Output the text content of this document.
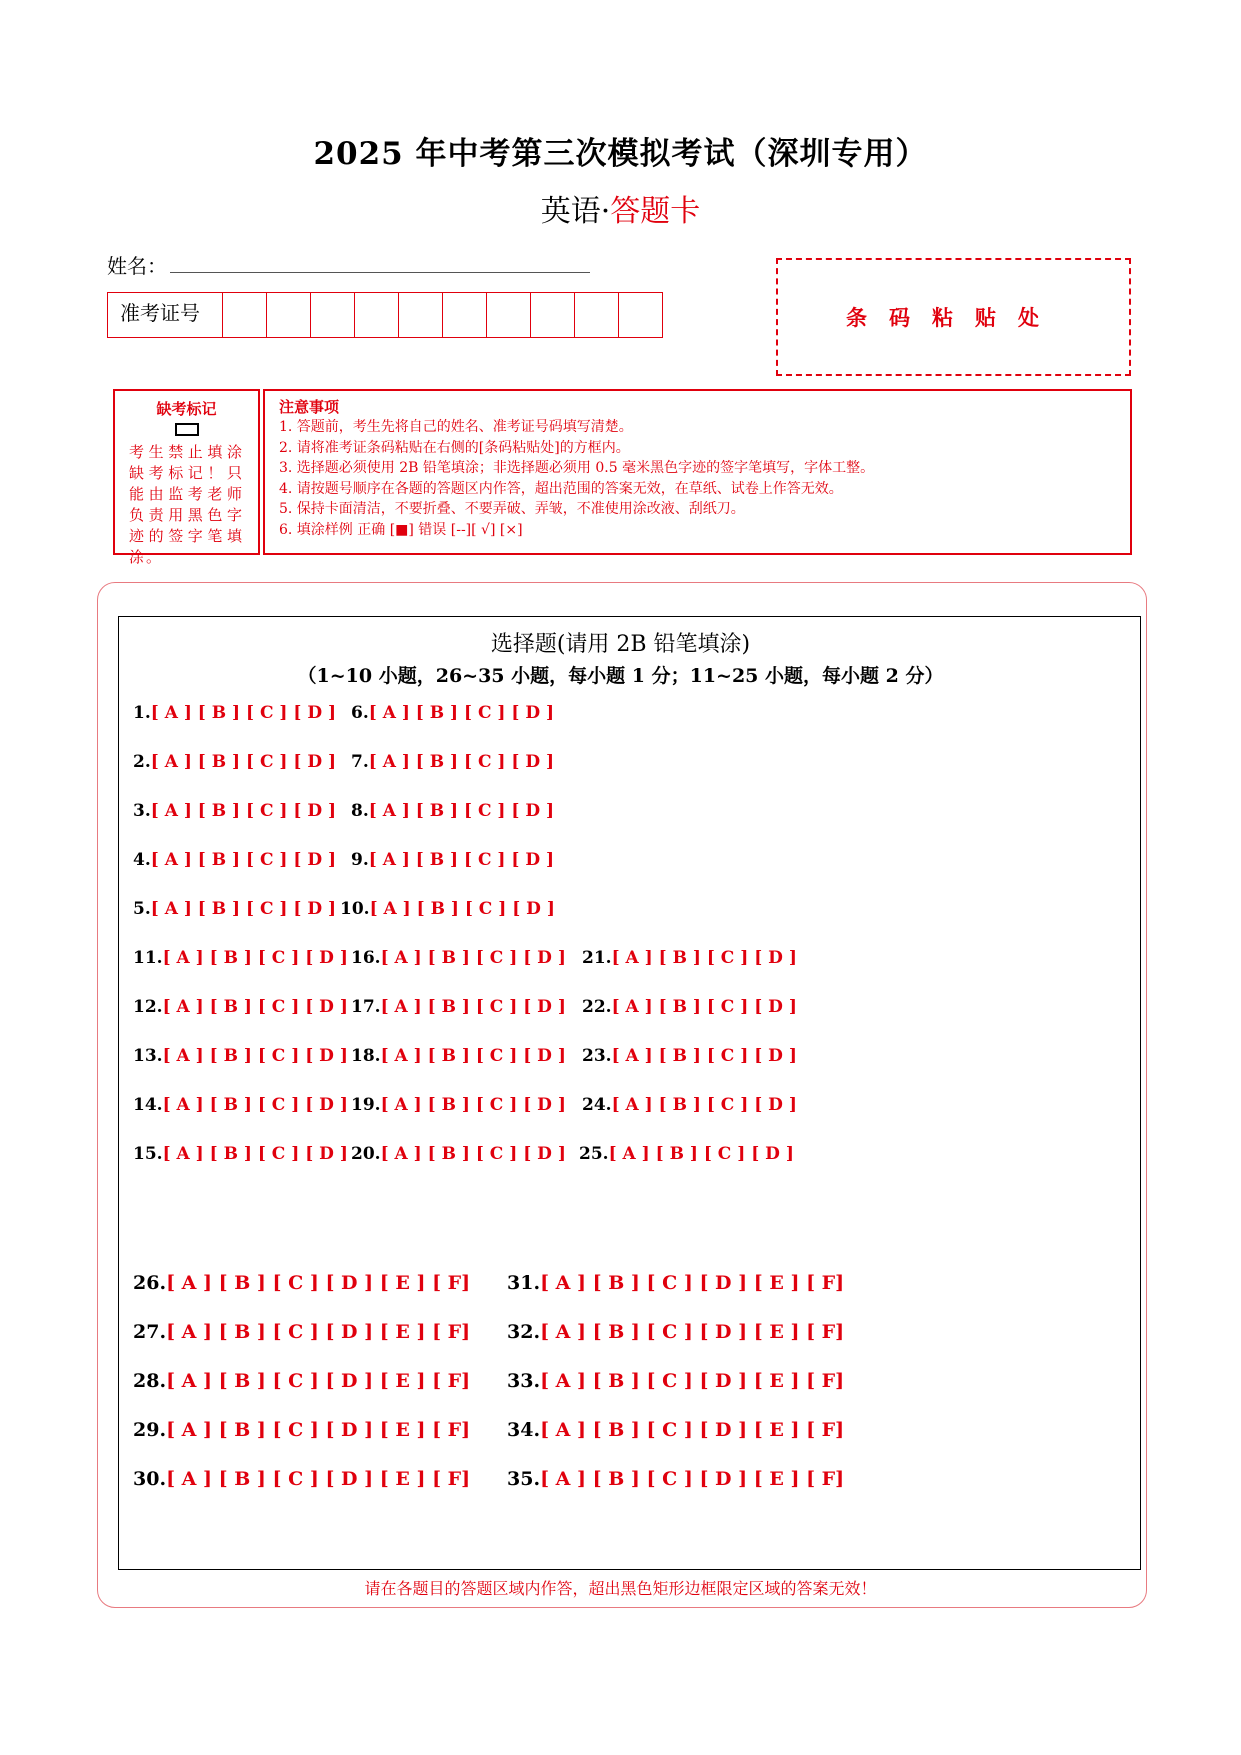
2025 年中考第三次模拟考试（深圳专用）
英语·答题卡
姓名：
准考证号	条码粘贴处
缺考标记
考生禁止填涂缺考标记！只能由监考老师负责用黑色字迹的签字笔填涂。
注意事项
1. 答题前，考生先将自己的姓名、准考证号码填写清楚。
2. 请将准考证条码粘贴在右侧的[条码粘贴处]的方框内。
3. 选择题必须使用 2B 铅笔填涂；非选择题必须用 0.5 毫米黑色字迹的签字笔填写，字体工整。
4. 请按题号顺序在各题的答题区内作答，超出范围的答案无效，在草纸、试卷上作答无效。
5. 保持卡面清洁，不要折叠、不要弄破、弄皱，不准使用涂改液、刮纸刀。
6. 填涂样例 正确 [■] 错误 [--][ √] [×]
选择题(请用 2B 铅笔填涂)
（1~10 小题，26~35 小题，每小题 1 分；11~25 小题，每小题 2 分）
1.[ A ] [ B ] [ C ] [ D ]
2.[ A ] [ B ] [ C ] [ D ]
3.[ A ] [ B ] [ C ] [ D ]
4.[ A ] [ B ] [ C ] [ D ]
5.[ A ] [ B ] [ C ] [ D ]
6.[ A ] [ B ] [ C ] [ D ]
7.[ A ] [ B ] [ C ] [ D ]
8.[ A ] [ B ] [ C ] [ D ]
9.[ A ] [ B ] [ C ] [ D ]
10.[ A ] [ B ] [ C ] [ D ]
11.[ A ] [ B ] [ C ] [ D ]
12.[ A ] [ B ] [ C ] [ D ]
13.[ A ] [ B ] [ C ] [ D ]
14.[ A ] [ B ] [ C ] [ D ]
15.[ A ] [ B ] [ C ] [ D ]
16.[ A ] [ B ] [ C ] [ D ]
17.[ A ] [ B ] [ C ] [ D ]
18.[ A ] [ B ] [ C ] [ D ]
19.[ A ] [ B ] [ C ] [ D ]
20.[ A ] [ B ] [ C ] [ D ]
21.[ A ] [ B ] [ C ] [ D ]
22.[ A ] [ B ] [ C ] [ D ]
23.[ A ] [ B ] [ C ] [ D ]
24.[ A ] [ B ] [ C ] [ D ]
25.[ A ] [ B ] [ C ] [ D ]
26.[ A ] [ B ] [ C ] [ D ] [ E ] [ F]
27.[ A ] [ B ] [ C ] [ D ] [ E ] [ F]
28.[ A ] [ B ] [ C ] [ D ] [ E ] [ F]
29.[ A ] [ B ] [ C ] [ D ] [ E ] [ F]
30.[ A ] [ B ] [ C ] [ D ] [ E ] [ F]
31.[ A ] [ B ] [ C ] [ D ] [ E ] [ F]
32.[ A ] [ B ] [ C ] [ D ] [ E ] [ F]
33.[ A ] [ B ] [ C ] [ D ] [ E ] [ F]
34.[ A ] [ B ] [ C ] [ D ] [ E ] [ F]
35.[ A ] [ B ] [ C ] [ D ] [ E ] [ F]
请在各题目的答题区域内作答，超出黑色矩形边框限定区域的答案无效！
